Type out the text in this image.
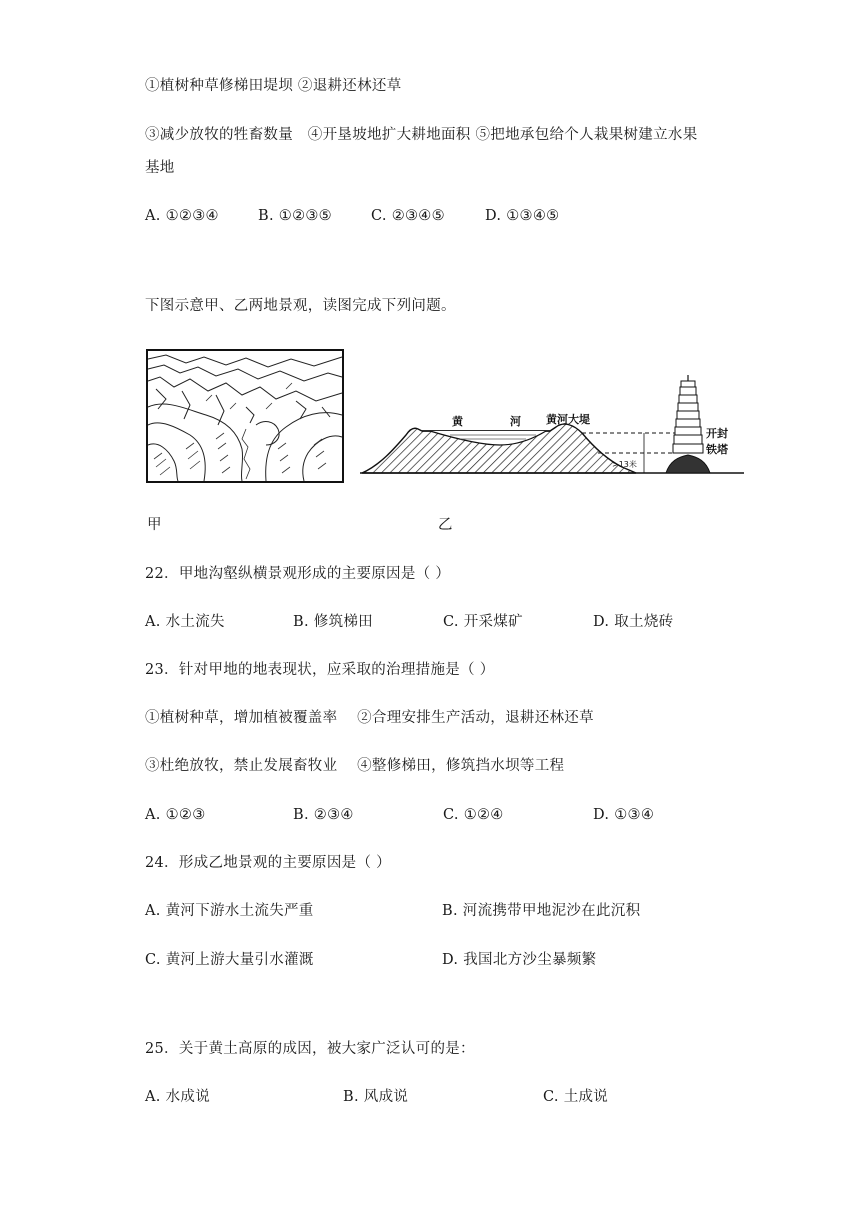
①植树种草修梯田堤坝 ②退耕还林还草
③减少放牧的牲畜数量　④开垦坡地扩大耕地面积 ⑤把地承包给个人栽果树建立水果
基地
A. ①②③④	B. ①②③⑤	C. ②③④⑤	D. ①③④⑤
下图示意甲、乙两地景观，读图完成下列问题。
黄	河 黄河大堤
>13米
开封
铁塔
甲	乙
22．甲地沟壑纵横景观形成的主要原因是（ ）
A. 水土流失	B. 修筑梯田	C. 开采煤矿	D. 取土烧砖
23．针对甲地的地表现状，应采取的治理措施是（ ）
①植树种草，增加植被覆盖率　 ②合理安排生产活动，退耕还林还草
③杜绝放牧，禁止发展畜牧业　 ④整修梯田，修筑挡水坝等工程
A. ①②③	B. ②③④	C. ①②④	D. ①③④
24．形成乙地景观的主要原因是（ ）
A. 黄河下游水土流失严重	B. 河流携带甲地泥沙在此沉积
C. 黄河上游大量引水灌溉	D. 我国北方沙尘暴频繁
25．关于黄土高原的成因，被大家广泛认可的是：
A. 水成说	B. 风成说	C. 土成说
